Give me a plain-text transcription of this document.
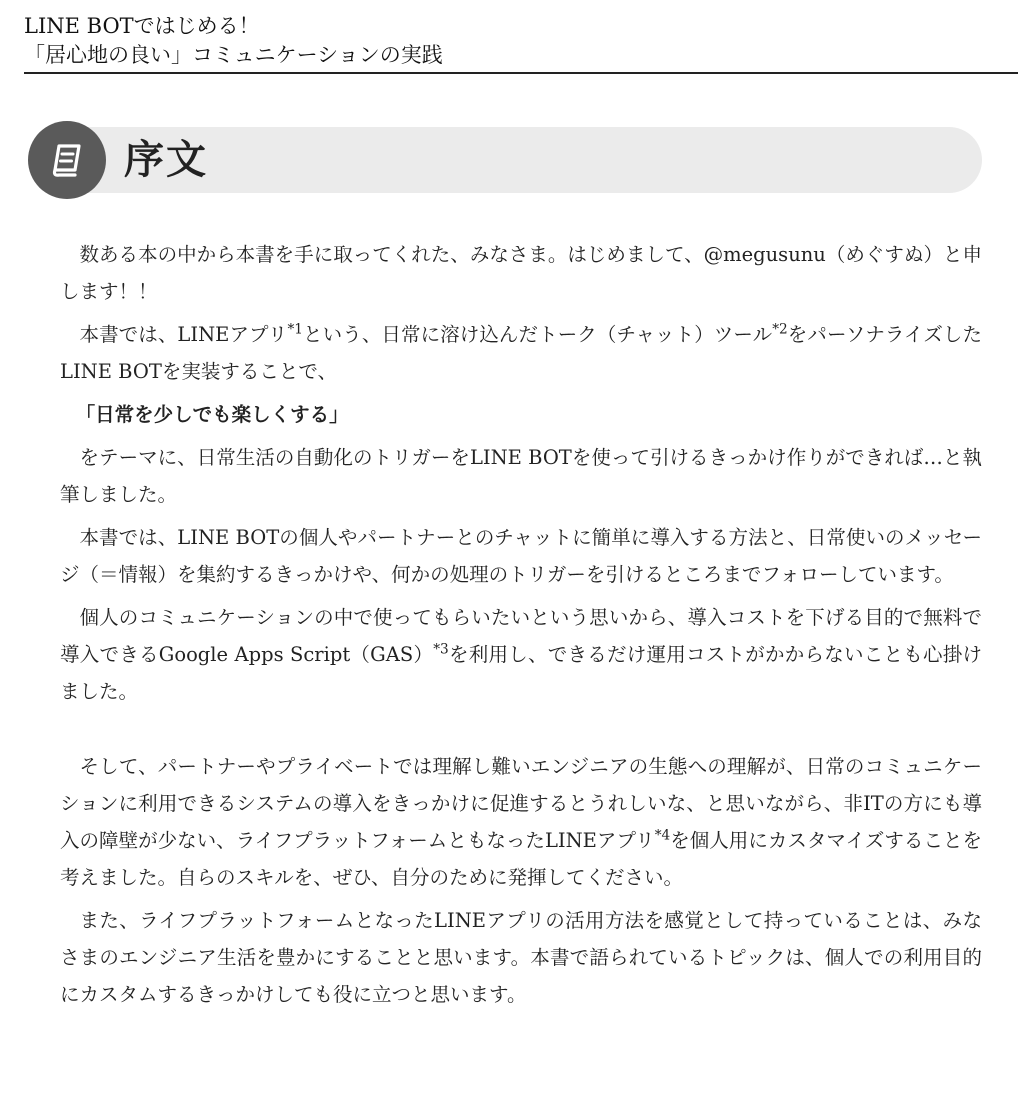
LINE BOTではじめる！
「居心地の良い」コミュニケーションの実践
序文

数ある本の中から本書を手に取ってくれた、みなさま。はじめまして、@megusunu（めぐすぬ）と申します！！

本書では、LINEアプリ$^{*1}$という、日常に溶け込んだトーク（チャット）ツール$^{*2}$をパーソナライズしたLINE BOTを実装することで、

「日常を少しでも楽しくする」

をテーマに、日常生活の自動化のトリガーをLINE BOTを使って引けるきっかけ作りができれば…と執筆しました。

本書では、LINE BOTの個人やパートナーとのチャットに簡単に導入する方法と、日常使いのメッセージ（＝情報）を集約するきっかけや、何かの処理のトリガーを引けるところまでフォローしています。

個人のコミュニケーションの中で使ってもらいたいという思いから、導入コストを下げる目的で無料で導入できるGoogle Apps Script（GAS）$^{*3}$を利用し、できるだけ運用コストがかからないことも心掛けました。

そして、パートナーやプライベートでは理解し難いエンジニアの生態への理解が、日常のコミュニケーションに利用できるシステムの導入をきっかけに促進するとうれしいな、と思いながら、非ITの方にも導入の障壁が少ない、ライフプラットフォームともなったLINEアプリ$^{*4}$を個人用にカスタマイズすることを考えました。自らのスキルを、ぜひ、自分のために発揮してください。

また、ライフプラットフォームとなったLINEアプリの活用方法を感覚として持っていることは、みなさまのエンジニア生活を豊かにすることと思います。本書で語られているトピックは、個人での利用目的にカスタムするきっかけしても役に立つと思います。
